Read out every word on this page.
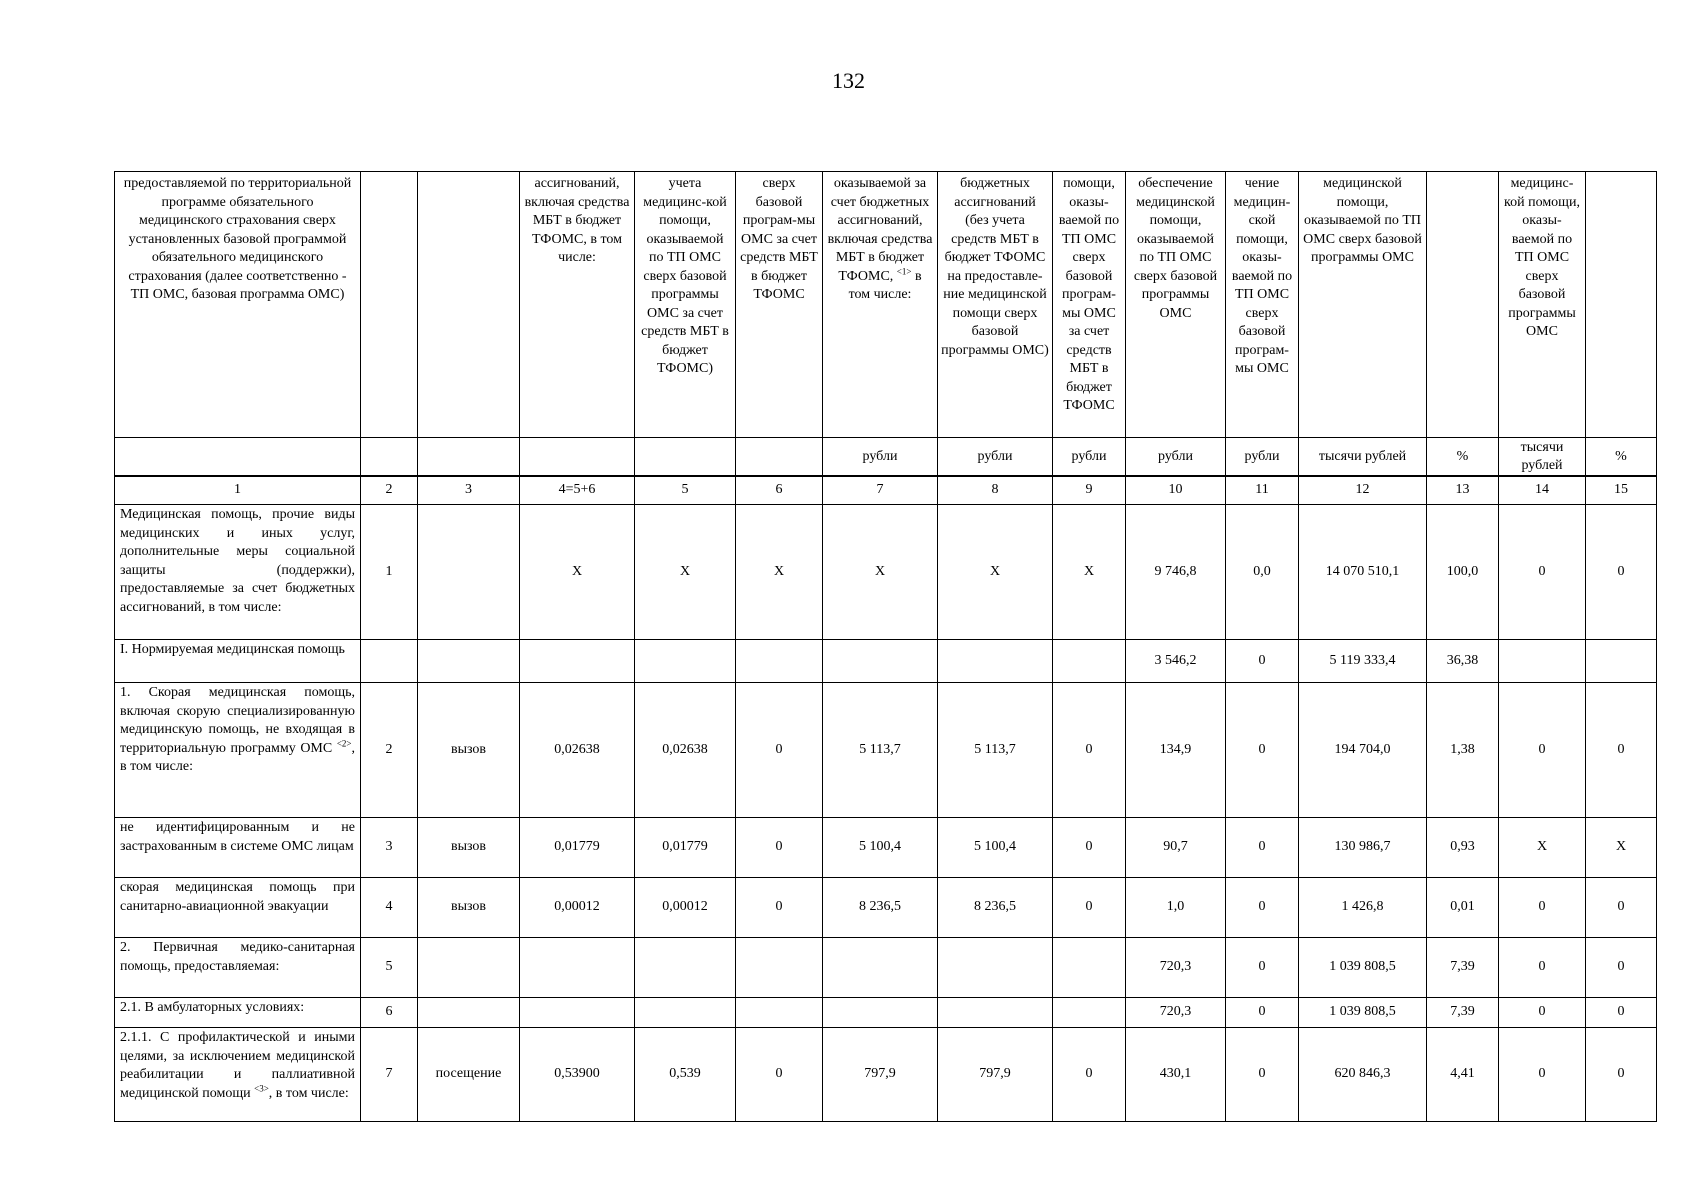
132
предоставляемой по территориальной программе обязательного медицинского страхования сверх установленных базовой программой обязательного медицинского страхования (далее соответственно - ТП ОМС, базовая программа ОМС)			ассигнований, включая средства МБТ в бюджет ТФОМС, в том числе:	учета медицинс-кой помощи, оказываемой по ТП ОМС сверх базовой программы ОМС за счет средств МБТ в бюджет ТФОМС)	сверх базовой програм-мы ОМС за счет средств МБТ в бюджет ТФОМС	оказываемой за счет бюджетных ассигнований, включая средства МБТ в бюджет ТФОМС, $^{<1>}$ в том числе:	бюджетных ассигнований (без учета средств МБТ в бюджет ТФОМС на предоставле-ние медицинской помощи сверх базовой программы ОМС)	помощи, оказы-ваемой по ТП ОМС сверх базовой програм-мы ОМС за счет средств МБТ в бюджет ТФОМС	обеспечение медицинской помощи, оказываемой по ТП ОМС сверх базовой программы ОМС	чение медицин-ской помощи, оказы-ваемой по ТП ОМС сверх базовой програм-мы ОМС	медицинской помощи, оказываемой по ТП ОМС сверх базовой программы ОМС		медицинс-кой помощи, оказы-ваемой по ТП ОМС сверх базовой программы ОМС	
						рубли	рубли	рубли	рубли	рубли	тысячи рублей	%	тысячи рублей	%
1	2	3	4=5+6	5	6	7	8	9	10	11	12	13	14	15
Медицинская помощь, прочие виды медицинских и иных услуг, дополнительные меры социальной защиты (поддержки), предоставляемые за счет бюджетных ассигнований, в том числе:	1		X	X	X	X	X	X	9 746,8	0,0	14 070 510,1	100,0	0	0
I. Нормируемая медицинская помощь									3 546,2	0	5 119 333,4	36,38		
1. Скорая медицинская помощь, включая скорую специализированную медицинскую помощь, не входящая в территориальную программу ОМС $^{<2>}$, в том числе:	2	вызов	0,02638	0,02638	0	5 113,7	5 113,7	0	134,9	0	194 704,0	1,38	0	0
не идентифицированным и не застрахованным в системе ОМС лицам	3	вызов	0,01779	0,01779	0	5 100,4	5 100,4	0	90,7	0	130 986,7	0,93	X	X
скорая медицинская помощь при санитарно-авиационной эвакуации	4	вызов	0,00012	0,00012	0	8 236,5	8 236,5	0	1,0	0	1 426,8	0,01	0	0
2. Первичная медико-санитарная помощь, предоставляемая:	5								720,3	0	1 039 808,5	7,39	0	0
2.1. В амбулаторных условиях:	6								720,3	0	1 039 808,5	7,39	0	0
2.1.1. С профилактической и иными целями, за исключением медицинской реабилитации и паллиативной медицинской помощи $^{<3>}$, в том числе:	7	посещение	0,53900	0,539	0	797,9	797,9	0	430,1	0	620 846,3	4,41	0	0
